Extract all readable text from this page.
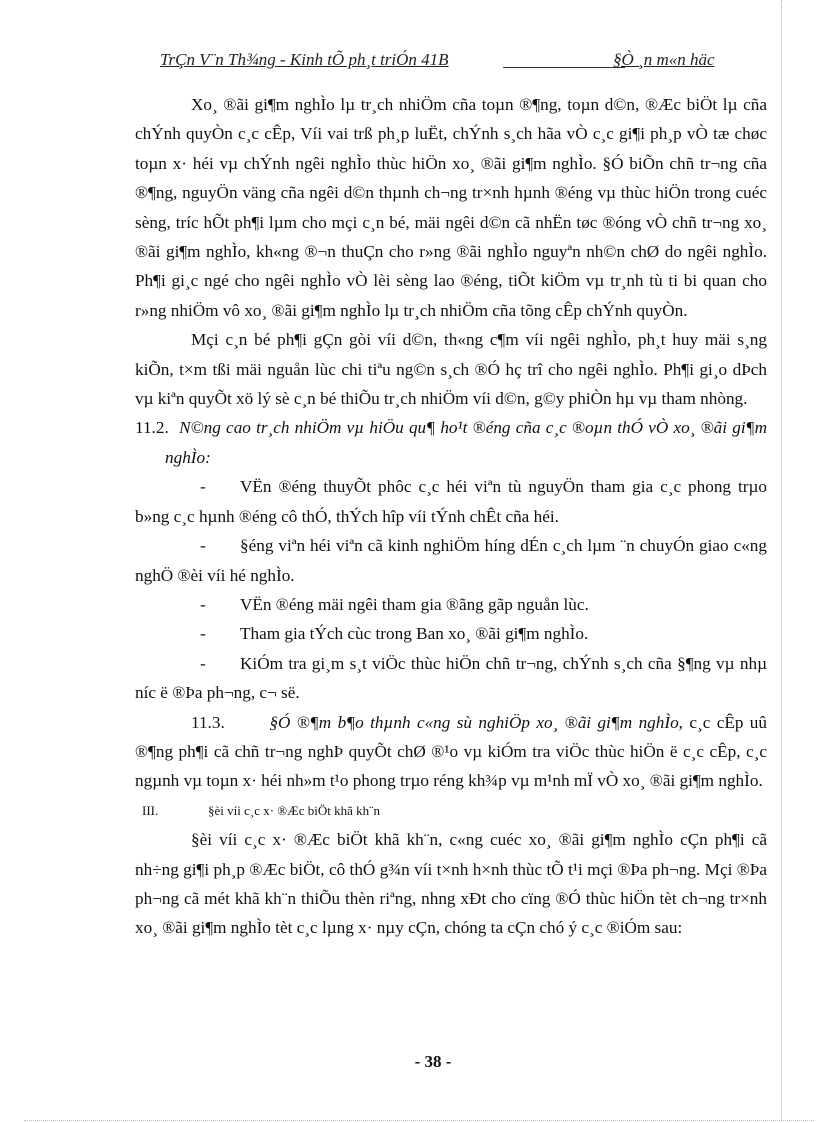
TrÇn V¨n Th¾ng - Kinh tÕ ph¸t triÓn 41B	§Ò ¸n m«n häc

Xo¸ ®ãi gi¶m nghÌo lµ tr¸ch nhiÖm cña toµn ®¶ng, toµn d©n, ®Æc biÖt lµ cña chÝnh quyÒn c¸c cÊp, Víi vai trß ph¸p luËt, chÝnh s¸ch hãa vÒ c¸c gi¶i ph¸p vÒ tæ chøc toµn x· héi vµ chÝnh ngêi nghÌo thùc hiÖn xo¸ ®ãi gi¶m nghÌo. §Ó biÕn chñ tr¬ng cña ®¶ng, nguyÖn väng cña ngêi d©n thµnh ch¬ng tr×nh hµnh ®éng vµ thùc hiÖn trong cuéc sèng, tríc hÕt ph¶i lµm cho mçi c¸n bé, mäi ngêi d©n cã nhËn tøc ®óng vÒ chñ tr¬ng xo¸ ®ãi gi¶m nghÌo, kh«ng ®¬n thuÇn cho r»ng ®ãi nghÌo nguyªn nh©n chØ do ngêi nghÌo. Ph¶i gi¸c ngé cho ngêi nghÌo vÒ lèi sèng lao ®éng, tiÕt kiÖm vµ tr¸nh tù ti bi quan cho r»ng nhiÖm vô xo¸ ®ãi gi¶m nghÌo lµ tr¸ch nhiÖm cña tõng cÊp chÝnh quyÒn.

Mçi c¸n bé ph¶i gÇn gòi víi d©n, th«ng c¶m víi ngêi nghÌo, ph¸t huy mäi s¸ng kiÕn, t×m tßi mäi nguån lùc chi tiªu ng©n s¸ch ®Ó hç trî cho ngêi nghÌo. Ph¶i gi¸o dÞch vµ kiªn quyÕt xö lý sè c¸n bé thiÕu tr¸ch nhiÖm víi d©n, g©y phiÒn hµ vµ tham nhòng.

11.2. N©ng cao tr¸ch nhiÖm vµ hiÖu qu¶ ho¹t ®éng cña c¸c ®oµn thÓ vÒ xo¸ ®ãi gi¶m nghÌo:

- VËn ®éng thuyÕt phôc c¸c héi viªn tù nguyÖn tham gia c¸c phong trµo b»ng c¸c hµnh ®éng cô thÓ, thÝch hîp víi tÝnh chÊt cña héi.

- §éng viªn héi viªn cã kinh nghiÖm híng dÉn c¸ch lµm ¨n chuyÓn giao c«ng nghÖ ®èi víi hé nghÌo.

- VËn ®éng mäi ngêi tham gia ®ãng gãp nguån lùc.

- Tham gia tÝch cùc trong Ban xo¸ ®ãi gi¶m nghÌo.

- KiÓm tra gi¸m s¸t viÖc thùc hiÖn chñ tr¬ng, chÝnh s¸ch cña §¶ng vµ nhµ níc ë ®Þa ph¬ng, c¬ së.

11.3.	§Ó ®¶m b¶o thµnh c«ng sù nghiÖp xo¸ ®ãi gi¶m nghÌo, c¸c cÊp uû ®¶ng ph¶i cã chñ tr¬ng nghÞ quyÕt chØ ®¹o vµ kiÓm tra viÖc thùc hiÖn ë c¸c cÊp, c¸c ngµnh vµ toµn x· héi nh»m t¹o phong trµo réng kh¾p vµ m¹nh mÏ vÒ xo¸ ®ãi gi¶m nghÌo.

III.	§èi víi c¸c x· ®Æc biÖt khã kh¨n

§èi víi c¸c x· ®Æc biÖt khã kh¨n, c«ng cuéc xo¸ ®ãi gi¶m nghÌo cÇn ph¶i cã nh÷ng gi¶i ph¸p ®Æc biÖt, cô thÓ g¾n víi t×nh h×nh thùc tÕ t¹i mçi ®Þa ph¬ng. Mçi ®Þa ph¬ng cã mét khã kh¨n thiÕu thèn riªng, nhng xÐt cho cïng ®Ó thùc hiÖn tèt ch¬ng tr×nh xo¸ ®ãi gi¶m nghÌo tèt c¸c lµng x· nµy cÇn, chóng ta cÇn chó ý c¸c ®iÓm sau:

- 38 -
